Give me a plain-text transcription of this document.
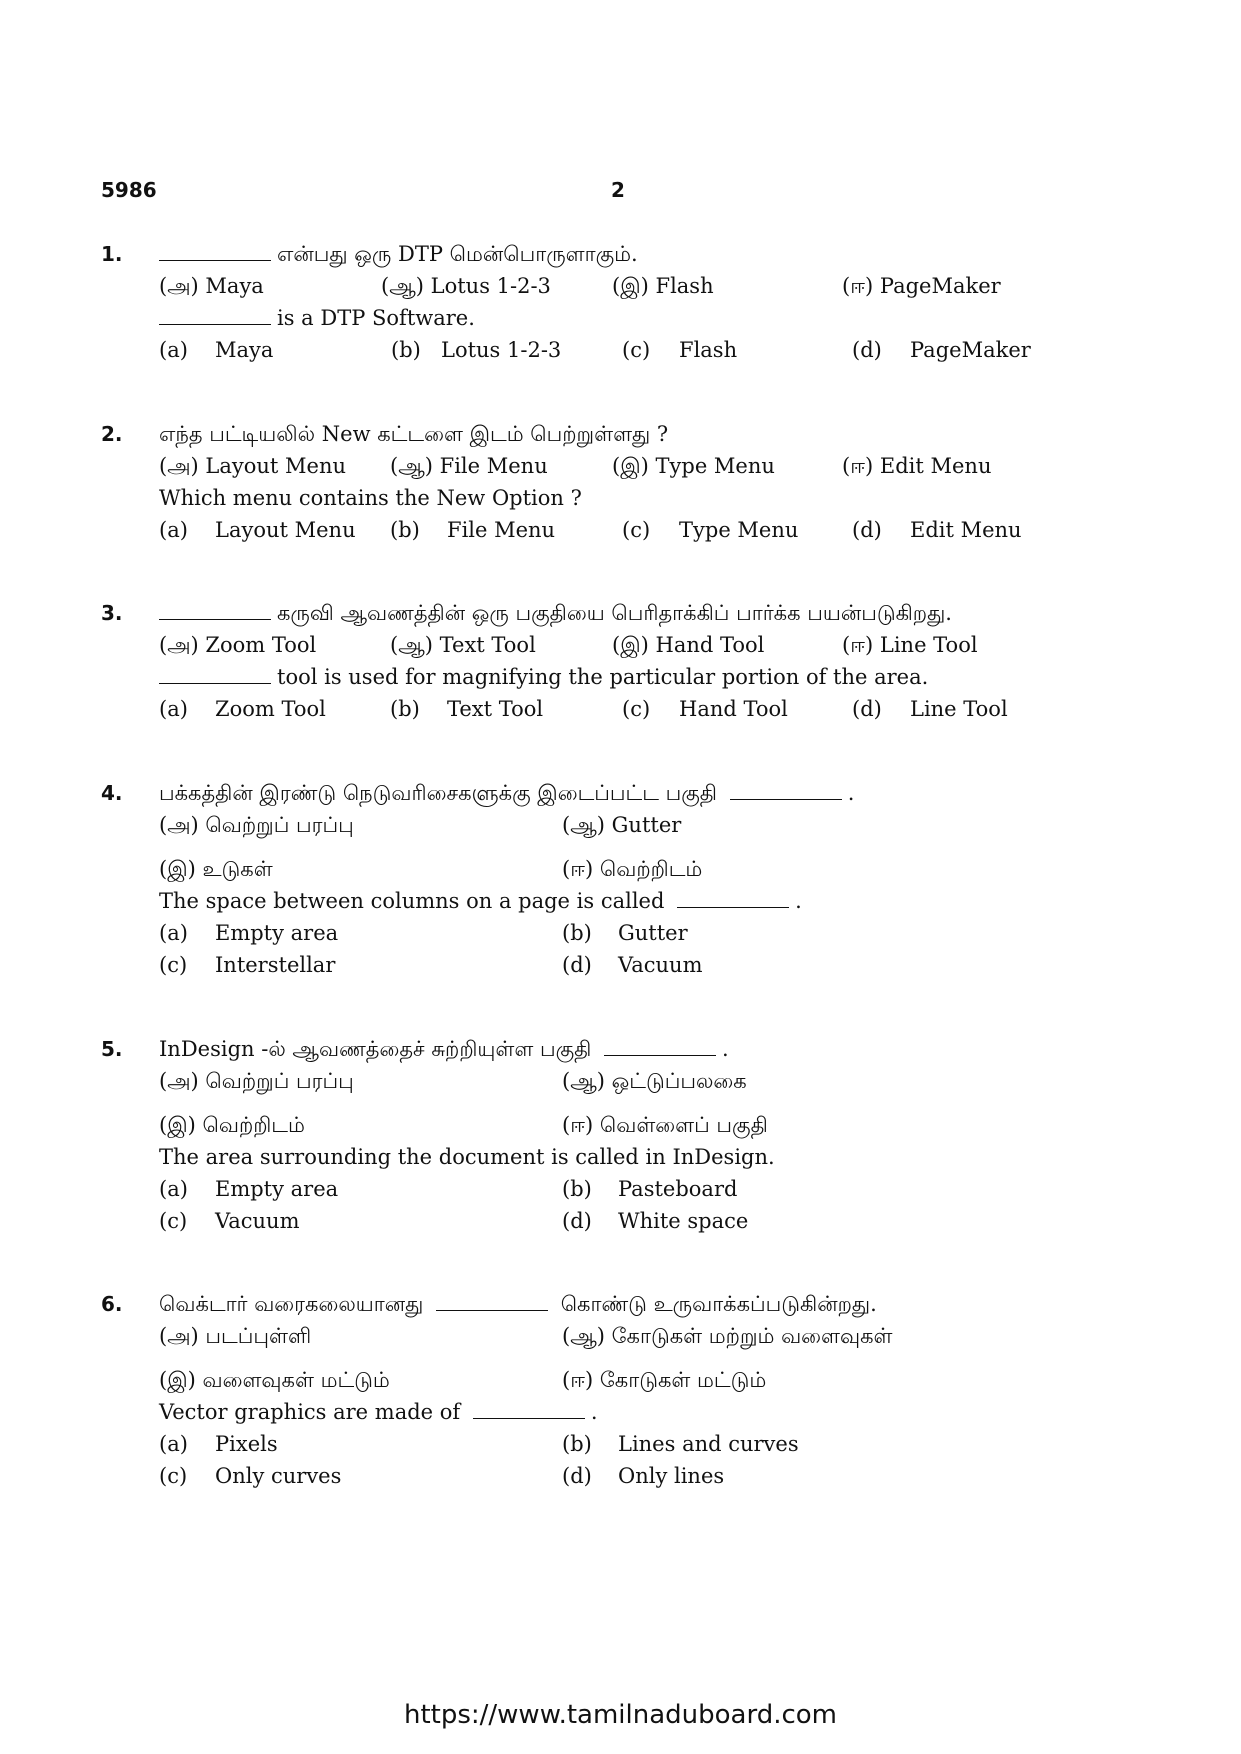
5986	2
1.	என்பது ஒரு DTP மென்பொருளாகும்.
(அ) Maya	(ஆ) Lotus 1-2-3	(இ) Flash	(ஈ) PageMaker
is a DTP Software.
(a) Maya	(b) Lotus 1-2-3	(c) Flash	(d) PageMaker
2. எந்த பட்டியலில் New கட்டளை இடம் பெற்றுள்ளது ?
(அ) Layout Menu (ஆ) File Menu	(இ) Type Menu	(ஈ) Edit Menu
Which menu contains the New Option ?
(a) Layout Menu (b) File Menu	(c) Type Menu	(d) Edit Menu
3.	கருவி ஆவணத்தின் ஒரு பகுதியை பெரிதாக்கிப் பார்க்க பயன்படுகிறது.
(அ) Zoom Tool	(ஆ) Text Tool	(இ) Hand Tool	(ஈ) Line Tool
tool is used for magnifying the particular portion of the area.
(a) Zoom Tool	(b) Text Tool	(c) Hand Tool	(d) Line Tool
4. பக்கத்தின் இரண்டு நெடுவரிசைகளுக்கு இடைப்பட்ட பகுதி	.
(அ) வெற்றுப் பரப்பு	(ஆ) Gutter
(இ) உடுகள்	(ஈ) வெற்றிடம்
The space between columns on a page is called	.
(a) Empty area	(b) Gutter
(c) Interstellar	(d) Vacuum
5. InDesign -ல் ஆவணத்தைச் சுற்றியுள்ள பகுதி	.
(அ) வெற்றுப் பரப்பு	(ஆ) ஒட்டுப்பலகை
(இ) வெற்றிடம்	(ஈ) வெள்ளைப் பகுதி
The area surrounding the document is called in InDesign.
(a) Empty area	(b) Pasteboard
(c) Vacuum	(d) White space
6. வெக்டார் வரைகலையானது	கொண்டு உருவாக்கப்படுகின்றது.
(அ) படப்புள்ளி	(ஆ) கோடுகள் மற்றும் வளைவுகள்
(இ) வளைவுகள் மட்டும்	(ஈ) கோடுகள் மட்டும்
Vector graphics are made of	.
(a) Pixels	(b) Lines and curves
(c) Only curves	(d) Only lines
https://www.tamilnaduboard.com
